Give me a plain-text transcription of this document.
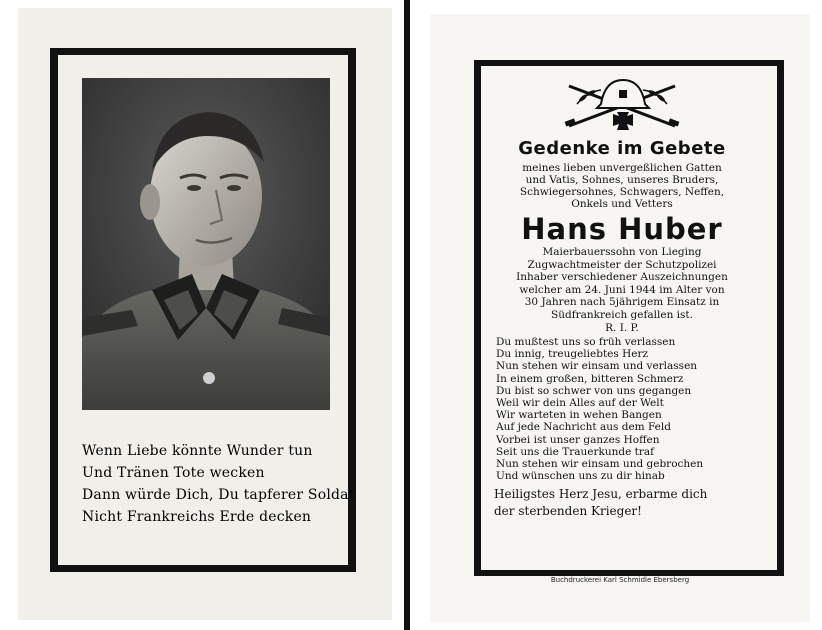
Wenn Liebe könnte Wunder tun
Und Tränen Tote wecken
Dann würde Dich, Du tapferer Soldat
Nicht Frankreichs Erde decken
Gedenke im Gebete
meines lieben unvergeßlichen Gatten
und Vatis, Sohnes, unseres Bruders,
Schwiegersohnes, Schwagers, Neffen,
Onkels und Vetters
Hans Huber
Maierbauerssohn von Lieging
Zugwachtmeister der Schutzpolizei
Inhaber verschiedener Auszeichnungen
welcher am 24. Juni 1944 im Alter von
30 Jahren nach 5jährigem Einsatz in
Südfrankreich gefallen ist.
R. I. P.
Du mußtest uns so früh verlassen
Du innig, treugeliebtes Herz
Nun stehen wir einsam und verlassen
In einem großen, bitteren Schmerz
Du bist so schwer von uns gegangen
Weil wir dein Alles auf der Welt
Wir warteten in wehen Bangen
Auf jede Nachricht aus dem Feld
Vorbei ist unser ganzes Hoffen
Seit uns die Trauerkunde traf
Nun stehen wir einsam und gebrochen
Und wünschen uns zu dir hinab
Heiligstes Herz Jesu, erbarme dich
der sterbenden Krieger!
Buchdruckerei Karl Schmidle Ebersberg
